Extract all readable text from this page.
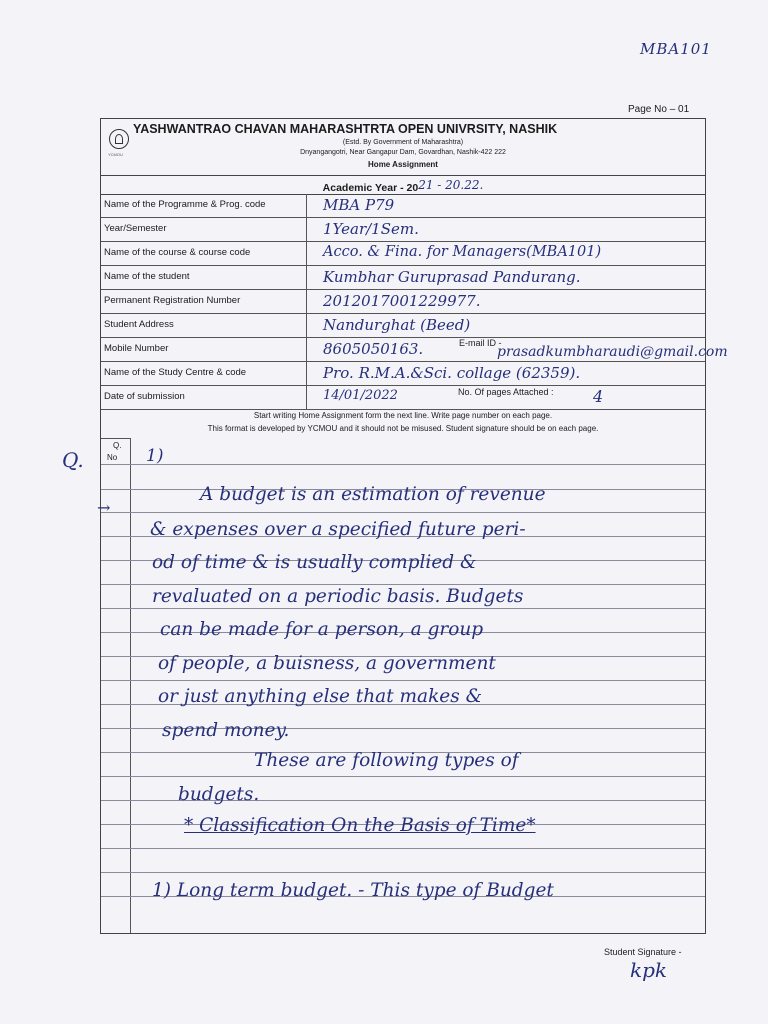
MBA101
Page No – 01
YCMOU
YASHWANTRAO CHAVAN MAHARASHTRTA OPEN UNIVRSITY, NASHIK
(Estd. By Government of Maharashtra)
Dnyangangotri, Near Gangapur Dam, Govardhan, Nashik-422 222
Home Assignment
Academic Year - 2021 - 20.22.
Name of the Programme & Prog. code	MBA P79
Year/Semester	1Year/1Sem.
Name of the course & course code	Acco. & Fina. for Managers(MBA101)
Name of the student	Kumbhar Guruprasad Pandurang.
Permanent Registration Number	2012017001229977.
Student Address	Nandurghat (Beed)
Mobile Number	8605050163.	E-mail ID -
prasadkumbharaudi@gmail.com
Name of the Study Centre & code	Pro. R.M.A.&Sci. collage (62359).
Date of submission	14/01/2022	No. Of pages Attached : 4
Start writing Home Assignment form the next line. Write page number on each page.
This format is developed by YCMOU and it should not be misused. Student signature should be on each page.
Q.
No
Q.	1)
→
A budget is an estimation of revenue
& expenses over a specified future peri-
od of time & is usually complied &
revaluated on a periodic basis. Budgets
can be made for a person, a group
of people, a buisness, a government
or just anything else that makes &
spend money.
These are following types of
budgets.
* Classification On the Basis of Time*
1) Long term budget. - This type of Budget
Student Signature -
kpk
